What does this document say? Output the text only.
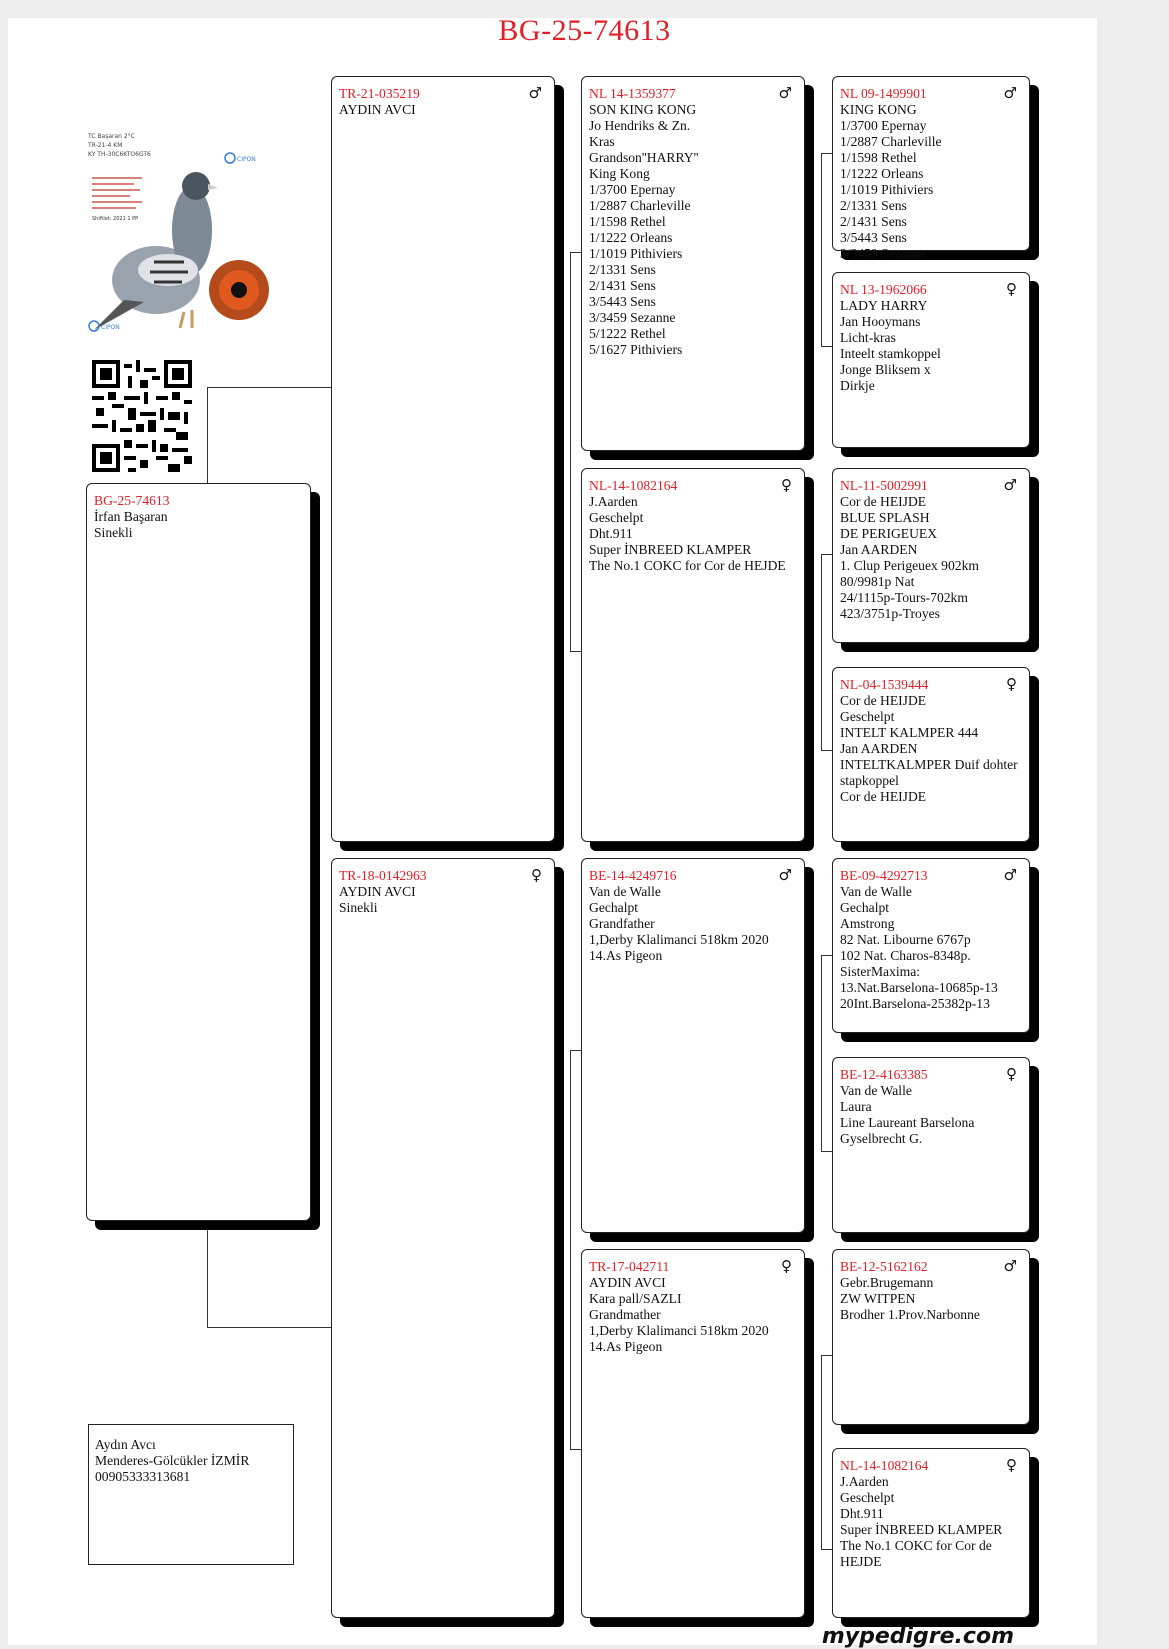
BG-25-74613
TC Başaran 2°C
TR-21-4 KM
KY TH-30C6KTO6GT6
Shiftlet: 2021 1 PP
CIPON
CIPON
BG-25-74613
İrfan Başaran
Sinekli
Aydın Avcı
Menderes-Gölcükler İZMİR
00905333313681
TR-21-035219	♂
AYDIN AVCI
TR-18-0142963	♀
AYDIN AVCI
Sinekli
NL 14-1359377	♂
SON KING KONG
Jo Hendriks & Zn.
Kras
Grandson''HARRY''
King Kong
1/3700 Epernay
1/2887 Charleville
1/1598 Rethel
1/1222 Orleans
1/1019 Pithiviers
2/1331 Sens
2/1431 Sens
3/5443 Sens
3/3459 Sezanne
5/1222 Rethel
5/1627 Pithiviers
NL-14-1082164	♀
J.Aarden
Geschelpt
Dht.911
Super İNBREED KLAMPER
The No.1 COKC for Cor de HEJDE
BE-14-4249716	♂
Van de Walle
Gechalpt
Grandfather
1,Derby Klalimanci 518km 2020
14.As Pigeon
TR-17-042711	♀
AYDIN AVCI
Kara pall/SAZLI
Grandmather
1,Derby Klalimanci 518km 2020
14.As Pigeon
NL 09-1499901	♂
KING KONG
1/3700 Epernay
1/2887 Charleville
1/1598 Rethel
1/1222 Orleans
1/1019 Pithiviers
2/1331 Sens
2/1431 Sens
3/5443 Sens
3/3459 Sezanne
NL 13-1962066	♀
LADY HARRY
Jan Hooymans
Licht-kras
Inteelt stamkoppel
Jonge Bliksem x
Dirkje
NL-11-5002991	♂
Cor de HEIJDE
BLUE SPLASH
DE PERIGEUEX
Jan AARDEN
1. Clup Perigeuex 902km
80/9981p Nat
24/1115p-Tours-702km
423/3751p-Troyes
NL-04-1539444	♀
Cor de HEIJDE
Geschelpt
INTELT KALMPER 444
Jan AARDEN
INTELTKALMPER Duif dohter
stapkoppel
Cor de HEIJDE
BE-09-4292713	♂
Van de Walle
Gechalpt
Amstrong
82 Nat. Libourne 6767p
102 Nat. Charos-8348p.
SisterMaxima:
13.Nat.Barselona-10685p-13
20Int.Barselona-25382p-13
BE-12-4163385	♀
Van de Walle
Laura
Line Laureant Barselona
Gyselbrecht G.
BE-12-5162162	♂
Gebr.Brugemann
ZW WITPEN
Brodher 1.Prov.Narbonne
NL-14-1082164	♀
J.Aarden
Geschelpt
Dht.911
Super İNBREED KLAMPER
The No.1 COKC for Cor de
HEJDE
mypedigre.com
